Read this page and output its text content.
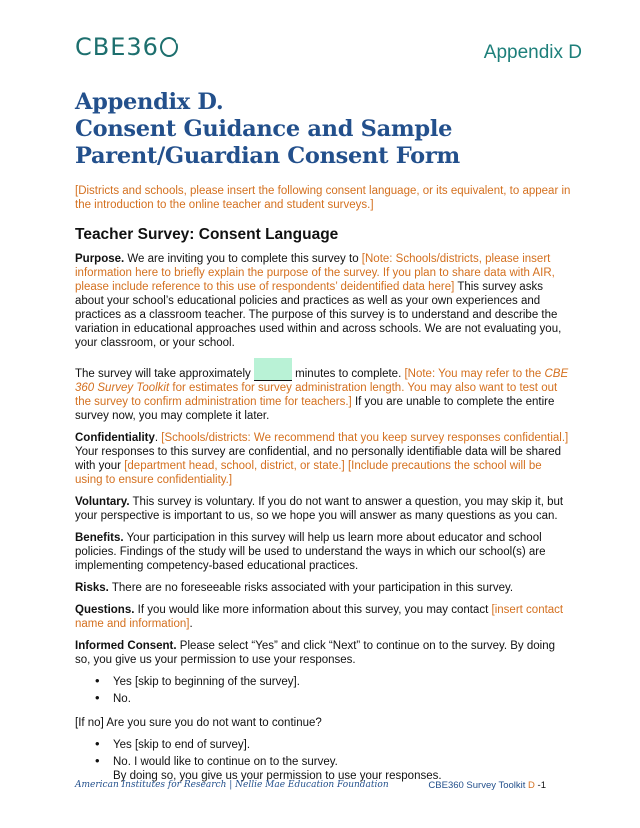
CBE36	Appendix D
Appendix D.
Consent Guidance and Sample
Parent/Guardian Consent Form

[Districts and schools, please insert the following consent language, or its equivalent, to appear in the introduction to the online teacher and student surveys.]

Teacher Survey: Consent Language

Purpose. We are inviting you to complete this survey to [Note: Schools/districts, please insert information here to briefly explain the purpose of the survey. If you plan to share data with AIR, please include reference to this use of respondents’ deidentified data here] This survey asks about your school’s educational policies and practices as well as your own experiences and practices as a classroom teacher. The purpose of this survey is to understand and describe the variation in educational approaches used within and across schools. We are not evaluating you, your classroom, or your school.

The survey will take approximately	minutes to complete. [Note: You may refer to the CBE 360 Survey Toolkit for estimates for survey administration length. You may also want to test out the survey to confirm administration time for teachers.] If you are unable to complete the entire survey now, you may complete it later.

Confidentiality. [Schools/districts: We recommend that you keep survey responses confidential.] Your responses to this survey are confidential, and no personally identifiable data will be shared with your [department head, school, district, or state.] [Include precautions the school will be using to ensure confidentiality.]

Voluntary. This survey is voluntary. If you do not want to answer a question, you may skip it, but your perspective is important to us, so we hope you will answer as many questions as you can.

Benefits. Your participation in this survey will help us learn more about educator and school policies. Findings of the study will be used to understand the ways in which our school(s) are implementing competency-based educational practices.

Risks. There are no foreseeable risks associated with your participation in this survey.

Questions. If you would like more information about this survey, you may contact [insert contact name and information].

Informed Consent. Please select “Yes” and click “Next” to continue on to the survey. By doing so, you give us your permission to use your responses.

• Yes [skip to beginning of the survey].
• No.

[If no] Are you sure you do not want to continue?

• Yes [skip to end of survey].
• No. I would like to continue on to the survey.
By doing so, you give us your permission to use your responses.
American Institutes for Research | Nellie Mae Education Foundation	CBE360 Survey Toolkit D -1
